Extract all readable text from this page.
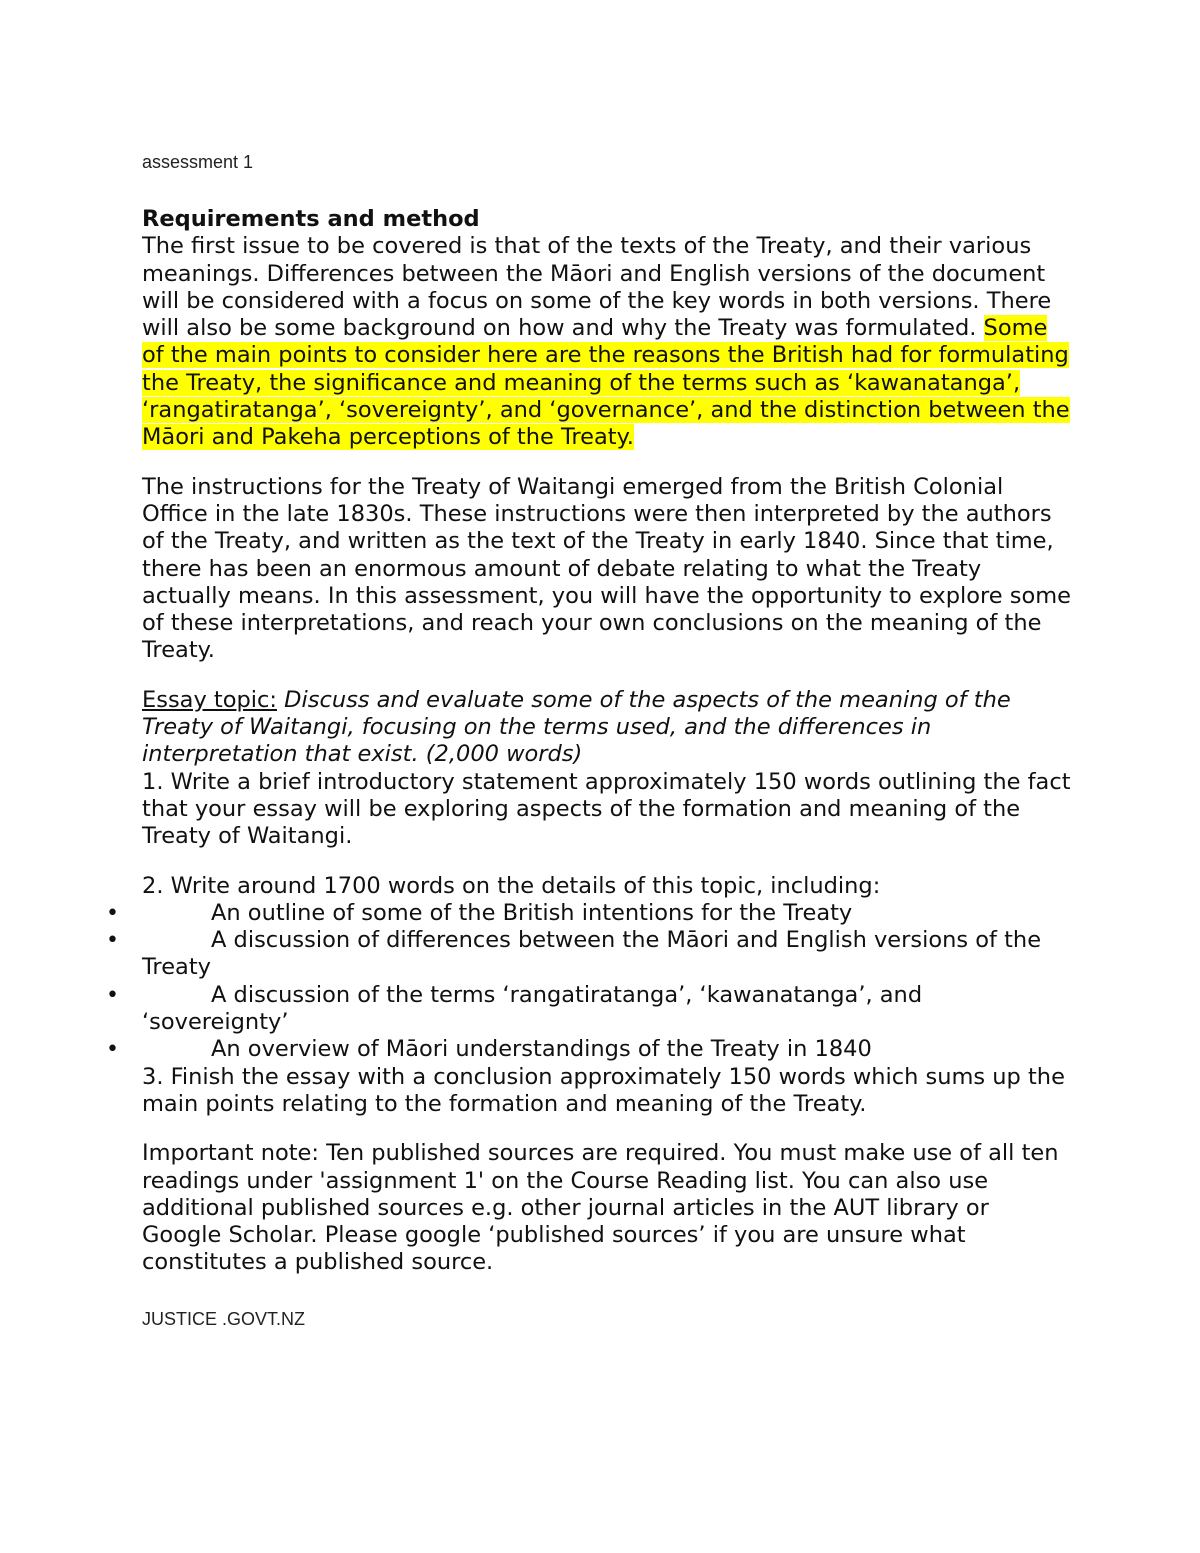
assessment 1
Requirements and method

The first issue to be covered is that of the texts of the Treaty, and their various meanings. Differences between the Māori and English versions of the document will be considered with a focus on some of the key words in both versions. There will also be some background on how and why the Treaty was formulated. Some of the main points to consider here are the reasons the British had for formulating the Treaty, the significance and meaning of the terms such as ‘kawanatanga’, ‘rangatiratanga’, ‘sovereignty’, and ‘governance’, and the distinction between the Māori and Pakeha perceptions of the Treaty.

The instructions for the Treaty of Waitangi emerged from the British Colonial Office in the late 1830s. These instructions were then interpreted by the authors of the Treaty, and written as the text of the Treaty in early 1840. Since that time, there has been an enormous amount of debate relating to what the Treaty actually means. In this assessment, you will have the opportunity to explore some of these interpretations, and reach your own conclusions on the meaning of the Treaty.

Essay topic: Discuss and evaluate some of the aspects of the meaning of the Treaty of Waitangi, focusing on the terms used, and the differences in interpretation that exist. (2,000 words)

1. Write a brief introductory statement approximately 150 words outlining the fact that your essay will be exploring aspects of the formation and meaning of the Treaty of Waitangi.

2. Write around 1700 words on the details of this topic, including:

•	An outline of some of the British intentions for the Treaty
•	A discussion of differences between the Māori and English versions of the Treaty
•	A discussion of the terms ‘rangatiratanga’, ‘kawanatanga’, and ‘sovereignty’
•	An overview of Māori understandings of the Treaty in 1840

3. Finish the essay with a conclusion approximately 150 words which sums up the main points relating to the formation and meaning of the Treaty.

Important note: Ten published sources are required. You must make use of all ten readings under 'assignment 1' on the Course Reading list. You can also use additional published sources e.g. other journal articles in the AUT library or Google Scholar. Please google ‘published sources’ if you are unsure what constitutes a published source.

JUSTICE .GOVT.NZ
